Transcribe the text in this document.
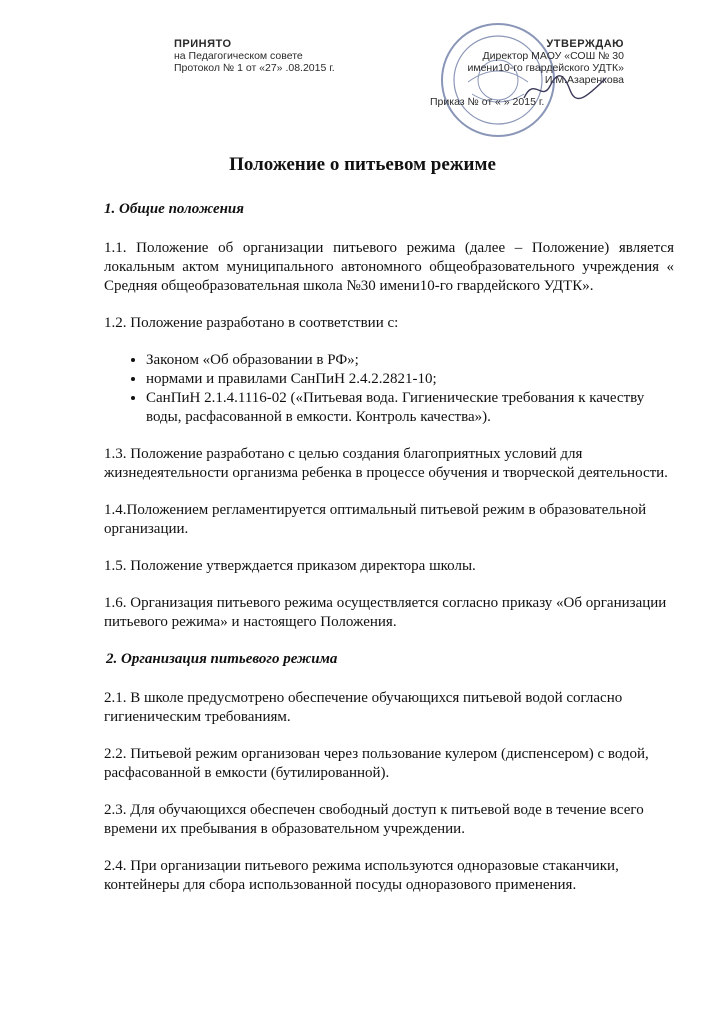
ПРИНЯТО
на Педагогическом совете
Протокол № 1 от «27» .08.2015 г.
УТВЕРЖДАЮ
Директор МАОУ «СОШ № 30
имени10-го гвардейского УДТК»
И.М.Азаренкова
Приказ № от « » 2015 г.
Положение о питьевом режиме
1. Общие положения

1.1. Положение об организации питьевого режима (далее – Положение) является локальным актом муниципального автономного общеобразовательного учреждения « Средняя общеобразовательная школа №30 имени10-го гвардейского УДТК».

1.2. Положение разработано в соответствии с:

• Законом «Об образовании в РФ»;
• нормами и правилами СанПиН 2.4.2.2821-10;
• СанПиН 2.1.4.1116-02 («Питьевая вода. Гигиенические требования к качеству воды, расфасованной в емкости. Контроль качества»).

1.3. Положение разработано с целью создания благоприятных условий для жизнедеятельности организма ребенка в процессе обучения и творческой деятельности.

1.4.Положением регламентируется оптимальный питьевой режим в образовательной организации.

1.5. Положение утверждается приказом директора школы.

1.6. Организация питьевого режима осуществляется согласно приказу «Об организации питьевого режима» и настоящего Положения.

2. Организация питьевого режима

2.1. В школе предусмотрено обеспечение обучающихся питьевой водой согласно гигиеническим требованиям.

2.2. Питьевой режим организован через пользование кулером (диспенсером) с водой, расфасованной в емкости (бутилированной).

2.3. Для обучающихся обеспечен свободный доступ к питьевой воде в течение всего времени их пребывания в образовательном учреждении.

2.4. При организации питьевого режима используются одноразовые стаканчики, контейнеры для сбора использованной посуды одноразового применения.
